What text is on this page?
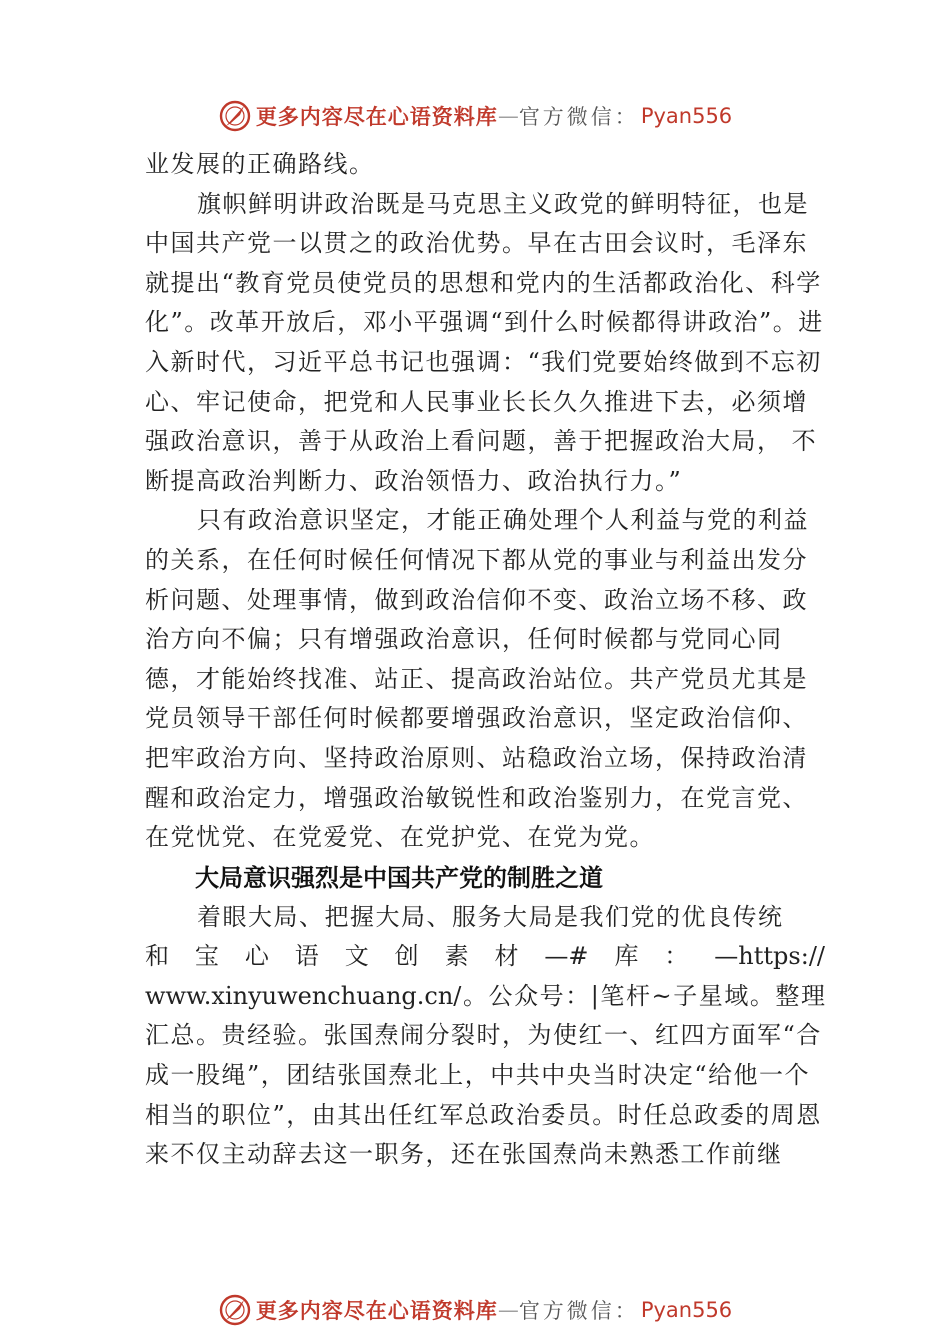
更多内容尽在心语资料库 — 官方微信： Pyan556

业发展的正确路线。

旗帜鲜明讲政治既是马克思主义政党的鲜明特征，也是中国共产党一以贯之的政治优势。早在古田会议时，毛泽东就提出“教育党员使党员的思想和党内的生活都政治化、科学化”。改革开放后，邓小平强调“到什么时候都得讲政治”。进入新时代，习近平总书记也强调：“我们党要始终做到不忘初心、牢记使命，把党和人民事业长长久久推进下去，必须增强政治意识，善于从政治上看问题，善于把握政治大局， 不断提高政治判断力、政治领悟力、政治执行力。”

只有政治意识坚定，才能正确处理个人利益与党的利益的关系，在任何时候任何情况下都从党的事业与利益出发分析问题、处理事情，做到政治信仰不变、政治立场不移、政治方向不偏；只有增强政治意识，任何时候都与党同心同德，才能始终找准、站正、提高政治站位。共产党员尤其是党员领导干部任何时候都要增强政治意识，坚定政治信仰、把牢政治方向、坚持政治原则、站稳政治立场，保持政治清醒和政治定力，增强政治敏锐性和政治鉴别力，在党言党、在党忧党、在党爱党、在党护党、在党为党。

大局意识强烈是中国共产党的制胜之道

着眼大局、把握大局、服务大局是我们党的优良传统

和宝心语文创素材—#库：—https://

www.xinyuwenchuang.cn/。公众号：|笔杆~子星域。整理

汇总。贵经验。张国焘闹分裂时，为使红一、红四方面军“合成一股绳”，团结张国焘北上，中共中央当时决定“给他一个相当的职位”，由其出任红军总政治委员。时任总政委的周恩来不仅主动辞去这一职务，还在张国焘尚未熟悉工作前继

更多内容尽在心语资料库 — 官方微信： Pyan556
